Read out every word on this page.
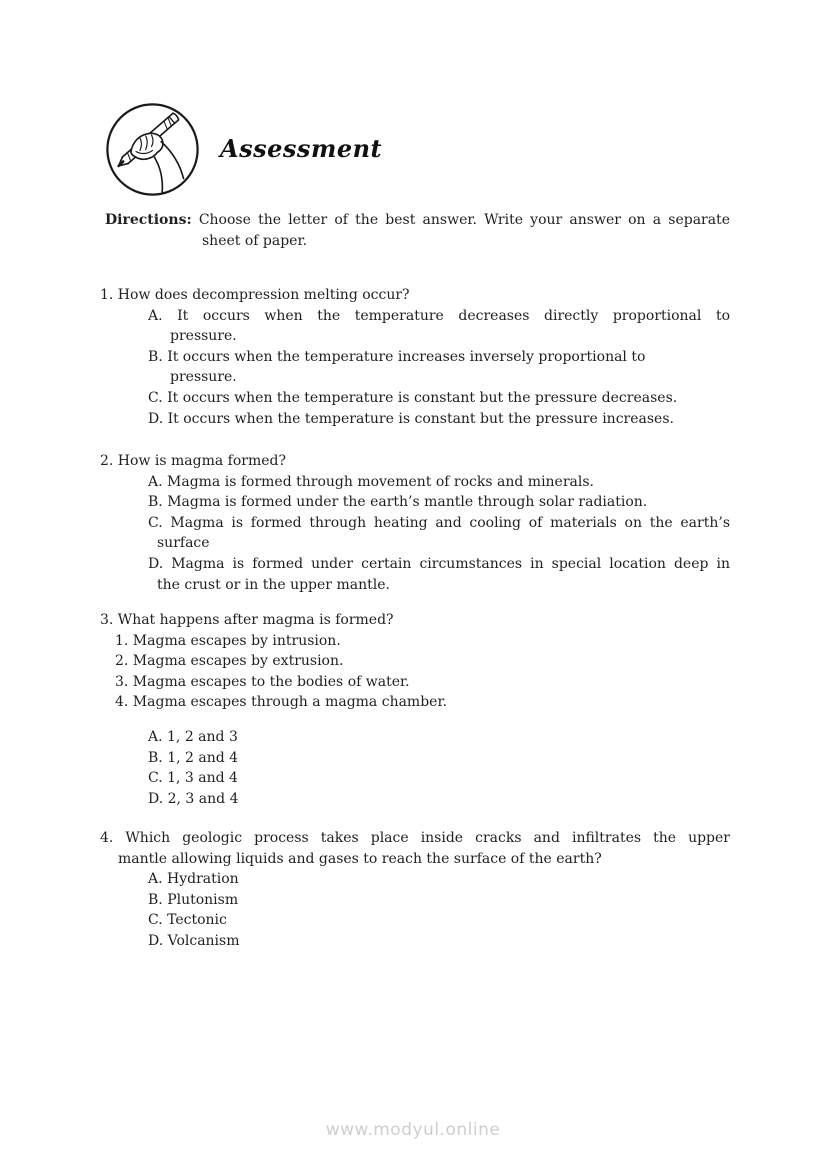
Assessment
Directions: Choose the letter of the best answer. Write your answer on a separate
sheet of paper.
1. How does decompression melting occur?
A. It occurs when the temperature decreases directly proportional to
pressure.
B. It occurs when the temperature increases inversely proportional to
pressure.
C. It occurs when the temperature is constant but the pressure decreases.
D. It occurs when the temperature is constant but the pressure increases.
2. How is magma formed?
A. Magma is formed through movement of rocks and minerals.
B. Magma is formed under the earth’s mantle through solar radiation.
C. Magma is formed through heating and cooling of materials on the earth’s
surface
D. Magma is formed under certain circumstances in special location deep in
the crust or in the upper mantle.
3. What happens after magma is formed?
1. Magma escapes by intrusion.
2. Magma escapes by extrusion.
3. Magma escapes to the bodies of water.
4. Magma escapes through a magma chamber.
A. 1, 2 and 3
B. 1, 2 and 4
C. 1, 3 and 4
D. 2, 3 and 4
4. Which geologic process takes place inside cracks and infiltrates the upper
mantle allowing liquids and gases to reach the surface of the earth?
A. Hydration
B. Plutonism
C. Tectonic
D. Volcanism
www.modyul.online
